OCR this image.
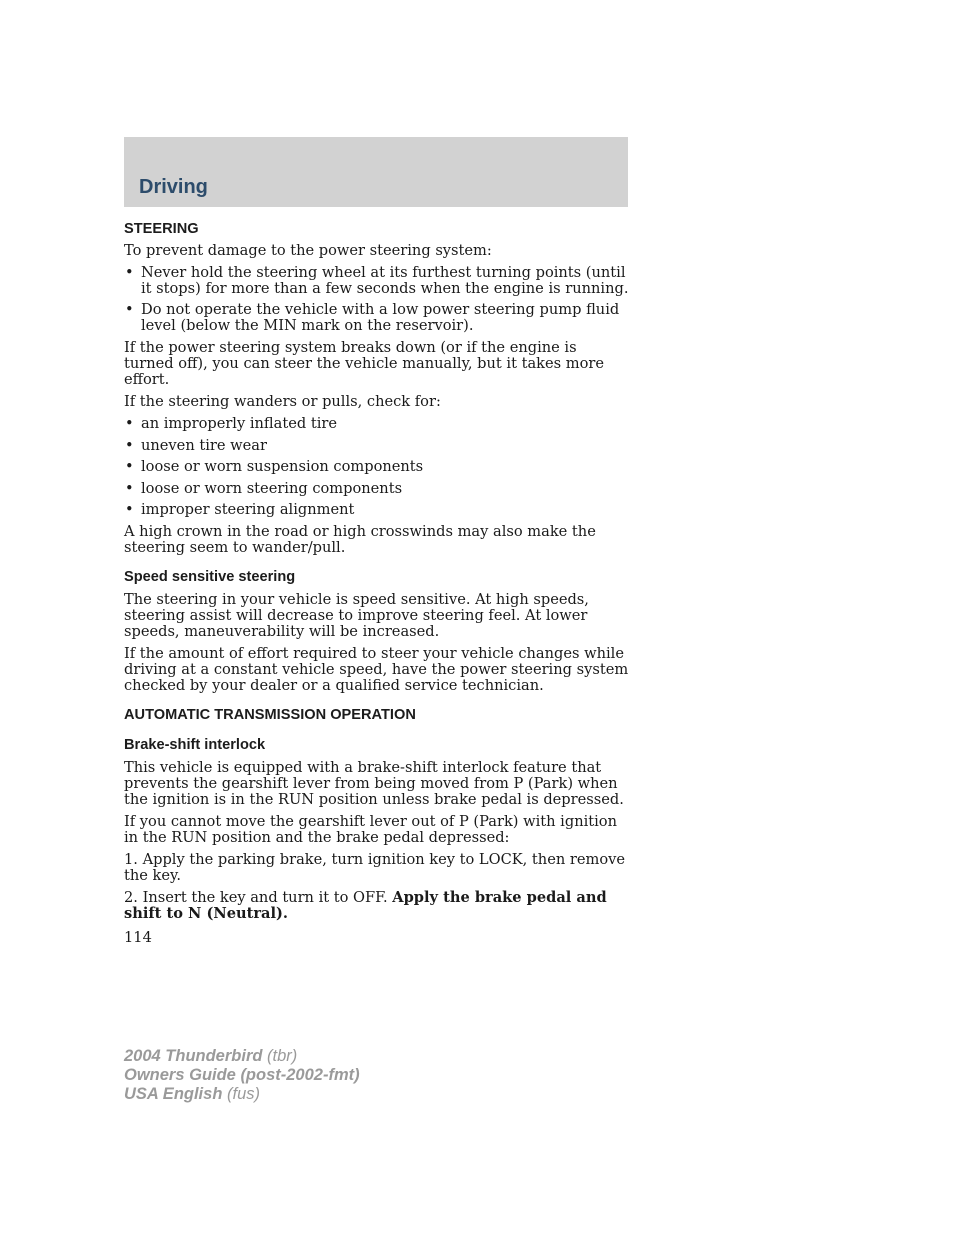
Driving
STEERING

To prevent damage to the power steering system:

• Never hold the steering wheel at its furthest turning points (until it stops) for more than a few seconds when the engine is running.
• Do not operate the vehicle with a low power steering pump fluid level (below the MIN mark on the reservoir).

If the power steering system breaks down (or if the engine is turned off), you can steer the vehicle manually, but it takes more effort.

If the steering wanders or pulls, check for:

• an improperly inflated tire
• uneven tire wear
• loose or worn suspension components
• loose or worn steering components
• improper steering alignment

A high crown in the road or high crosswinds may also make the steering seem to wander/pull.

Speed sensitive steering

The steering in your vehicle is speed sensitive. At high speeds, steering assist will decrease to improve steering feel. At lower speeds, maneuverability will be increased.

If the amount of effort required to steer your vehicle changes while driving at a constant vehicle speed, have the power steering system checked by your dealer or a qualified service technician.

AUTOMATIC TRANSMISSION OPERATION
Brake-shift interlock

This vehicle is equipped with a brake-shift interlock feature that prevents the gearshift lever from being moved from P (Park) when the ignition is in the RUN position unless brake pedal is depressed.

If you cannot move the gearshift lever out of P (Park) with ignition in the RUN position and the brake pedal depressed:

1. Apply the parking brake, turn ignition key to LOCK, then remove the key.

2. Insert the key and turn it to OFF. Apply the brake pedal and shift to N (Neutral).

114
2004 Thunderbird (tbr)
Owners Guide (post-2002-fmt)
USA English (fus)
